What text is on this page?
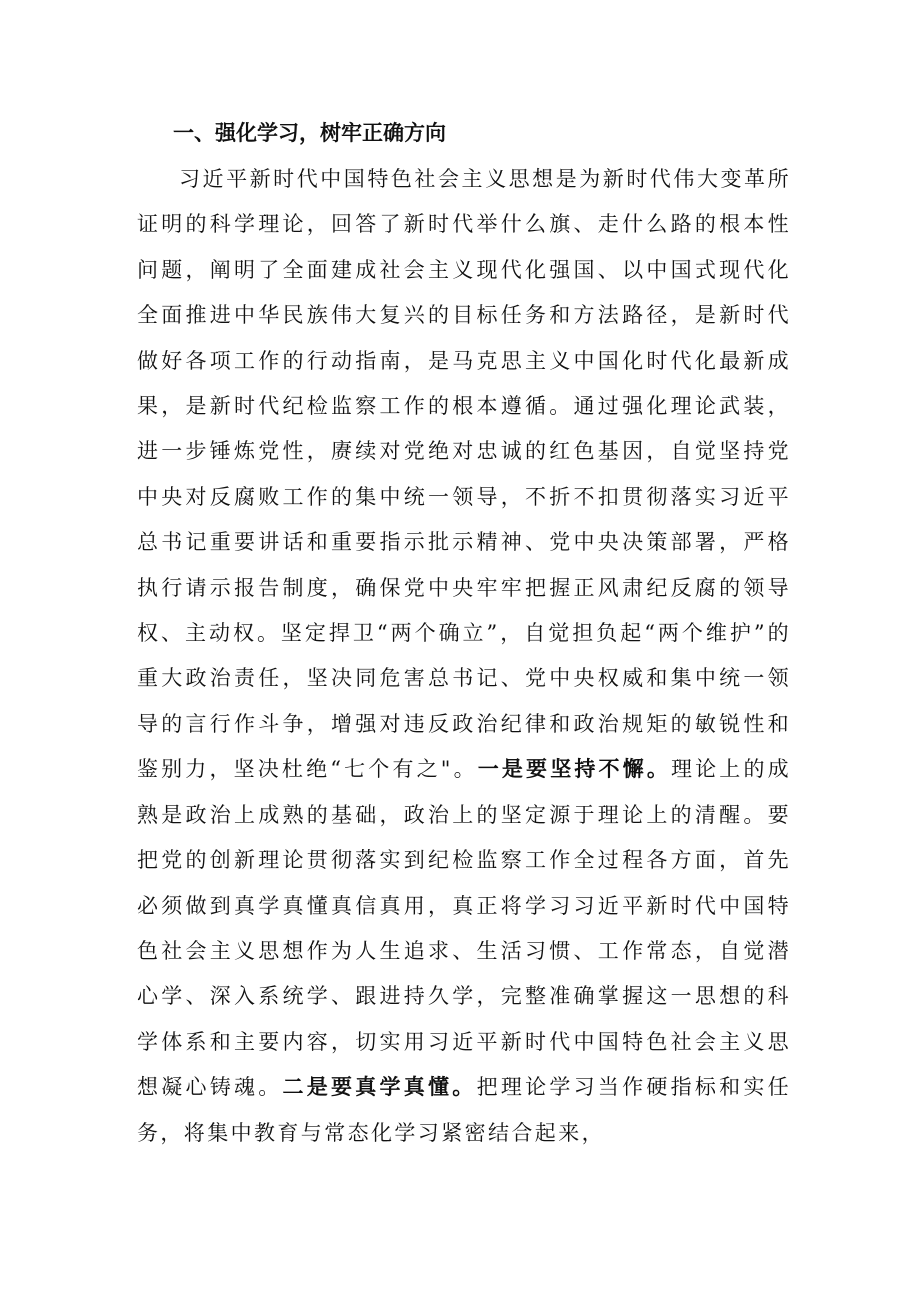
一、强化学习，树牢正确方向

习近平新时代中国特色社会主义思想是为新时代伟大变革所证明的科学理论，回答了新时代举什么旗、走什么路的根本性问题，阐明了全面建成社会主义现代化强国、以中国式现代化全面推进中华民族伟大复兴的目标任务和方法路径，是新时代做好各项工作的行动指南，是马克思主义中国化时代化最新成果，是新时代纪检监察工作的根本遵循。通过强化理论武装，进一步锤炼党性，赓续对党绝对忠诚的红色基因，自觉坚持党中央对反腐败工作的集中统一领导，不折不扣贯彻落实习近平总书记重要讲话和重要指示批示精神、党中央决策部署，严格执行请示报告制度，确保党中央牢牢把握正风肃纪反腐的领导权、主动权。坚定捍卫“两个确立”，自觉担负起“两个维护”的重大政治责任，坚决同危害总书记、党中央权威和集中统一领导的言行作斗争，增强对违反政治纪律和政治规矩的敏锐性和鉴别力，坚决杜绝“七个有之"。一是要坚持不懈。理论上的成熟是政治上成熟的基础，政治上的坚定源于理论上的清醒。要把党的创新理论贯彻落实到纪检监察工作全过程各方面，首先必须做到真学真懂真信真用，真正将学习习近平新时代中国特色社会主义思想作为人生追求、生活习惯、工作常态，自觉潜心学、深入系统学、跟进持久学，完整准确掌握这一思想的科学体系和主要内容，切实用习近平新时代中国特色社会主义思想凝心铸魂。二是要真学真懂。把理论学习当作硬指标和实任务，将集中教育与常态化学习紧密结合起来，
